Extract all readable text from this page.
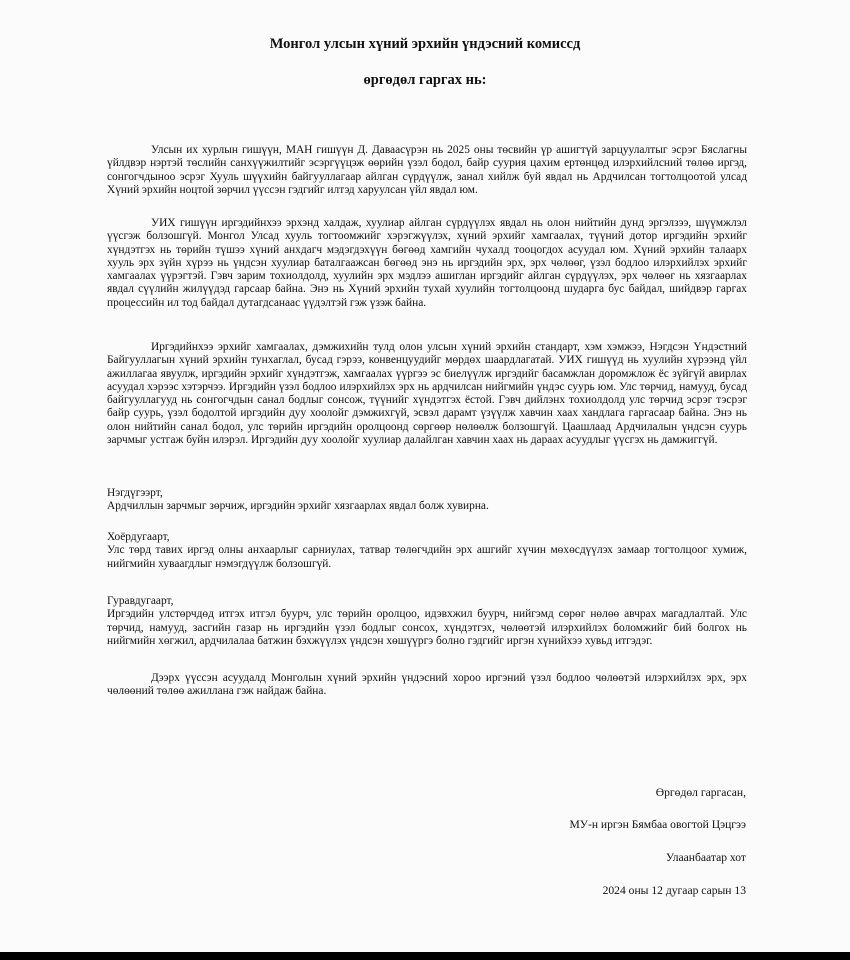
Монгол улсын хүний эрхийн үндэсний комисcд
өргөдөл гаргах нь:

Улсын их хурлын гишүүн, МАН гишүүн Д. Даваасүрэн нь 2025 оны төсвийн үр ашигтүй зарцуулалтыг эсрэг Бяслагны үйлдвэр нэртэй төслийн санхүүжилтийг эсэргүүцэж өөрийн үзэл бодол, байр суурия цахим ертөнцөд илэрхийлсний төлөө иргэд, сонгогчдыноо эсрэг Хууль шүүхийн байгууллагаар айлган сүрдүүлж, занал хийлж буй явдал нь Ардчилсан тогтолцоотой улсад Хүний эрхийн ноцтой зөрчил үүссэн гэдгийг илтэд харуулсан үйл явдал юм.

УИХ гишүүн иргэдийнхээ эрхэнд халдаж, хуулиар айлган сүрдүүлэх явдал нь олон нийтийн дунд эргэлзээ, шүүмжлэл үүсгэж болзошгүй. Монгол Улсад хууль тогтоомжийг хэрэгжүүлэх, хүний эрхийг хамгаалах, түүний дотор иргэдийн эрхийг хүндэтгэх нь төрийн түшээ хүний анхдагч мэдэгдэхүүн бөгөөд хамгийн чухалд тооцогдох асуудал юм. Хүний эрхийн талаарх хууль эрх зүйн хүрээ нь үндсэн хуулиар баталгаажсан бөгөөд энэ нь иргэдийн эрх, эрх чөлөөг, үзэл бодлоо илэрхийлэх эрхийг хамгаалах үүрэгтэй. Гэвч зарим тохиолдолд, хуулийн эрх мэдлээ ашиглан иргэдийг айлган сүрдүүлэх, эрх чөлөөг нь хязгаарлах явдал сүүлийн жилүүдэд гарсаар байна. Энэ нь Хүний эрхийн тухай хуулийн тогтолцоонд шударга бус байдал, шийдвэр гаргах процессийн ил тод байдал дутагдсанаас үүдэлтэй гэж үзэж байна.

Иргэдийнхээ эрхийг хамгаалах, дэмжихийн тулд олон улсын хүний эрхийн стандарт, хэм хэмжээ, Нэгдсэн Үндэстний Байгууллагын хүний эрхийн тунхаглал, бусад гэрээ, конвенцуудийг мөрдөх шаардлагатай. УИХ гишүүд нь хуулийн хүрээнд үйл ажиллагаа явуулж, иргэдийн эрхийг хүндэтгэж, хамгаалах үүргээ эс биелүүлж иргэдийг басамжлан доромжлож ёс зүйгүй авирлах асуудал хэрээс хэтэрчээ. Иргэдийн үзэл бодлоо илэрхийлэх эрх нь ардчилсан нийгмийн үндэс суурь юм. Улс төрчид, намууд, бусад байгууллагууд нь сонгогчдын санал бодлыг сонсож, түүнийг хүндэтгэх ёстой. Гэвч дийлэнх тохиолдолд улс төрчид эсрэг тэсрэг байр суурь, үзэл бодолтой иргэдийн дуу хоолойг дэмжихгүй, эсвэл дарамт үзүүлж хавчин хаах хандлага гаргасаар байна. Энэ нь олон нийтийн санал бодол, улс төрийн иргэдийн оролцоонд сөргөөр нөлөөлж болзошгүй. Цаашлаад Ардчилалын үндсэн суурь зарчмыг устгаж буйн илэрэл. Иргэдийн дуу хоолойг хуулиар далайлган хавчин хаах нь дараах асуудлыг үүсгэх нь дамжиггүй.

Нэгдүгээрт,
Ардчиллын зарчмыг зөрчиж, иргэдийн эрхийг хязгаарлах явдал болж хувирна.
Хоёрдугаарт,
Улс төрд тавих иргэд олны анхаарлыг сарниулах, татвар төлөгчдийн эрх ашгийг хүчин мөхөсдүүлэх замаар тогтолцоог хумиж, нийгмийн хуваагдлыг нэмэгдүүлж болзошгүй.
Гуравдугаарт,
Иргэдийн улстөрчдөд итгэх итгэл буурч, улс төрийн оролцоо, идэвхжил буурч, нийгэмд сөрөг нөлөө авчрах магадлалтай. Улс төрчид, намууд, засгийн газар нь иргэдийн үзэл бодлыг сонсох, хүндэтгэх, чөлөөтэй илэрхийлэх боломжийг бий болгох нь нийгмийн хөгжил, ардчилалаа батжин бэхжүүлэх үндсэн хөшүүргэ болно гэдгийг иргэн хүнийхээ хувьд итгэдэг.

Дээрх үүссэн асуудалд Монголын хүний эрхийн үндэсний хороо иргэний үзэл бодлоо чөлөөтэй илэрхийлэх эрх, эрх чөлөөний төлөө ажиллана гэж найдаж байна.

Өргөдөл гаргасан,

МУ-н иргэн Бямбаа овогтой Цэцгээ

Улаанбаатар хот

2024 оны 12 дугаар сарын 13
